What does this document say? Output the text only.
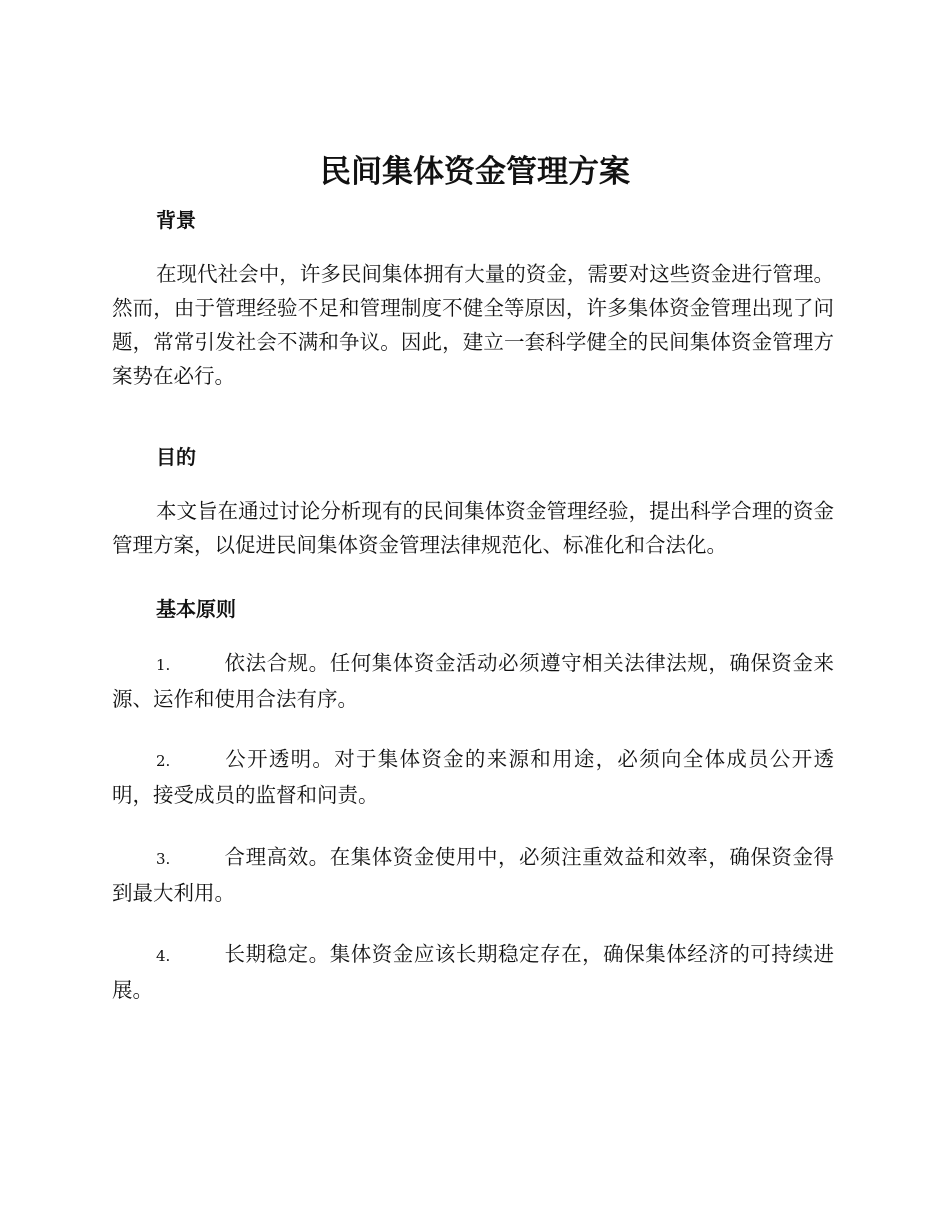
民间集体资金管理方案
背景

在现代社会中，许多民间集体拥有大量的资金，需要对这些资金进行管理。然而，由于管理经验不足和管理制度不健全等原因，许多集体资金管理出现了问题，常常引发社会不满和争议。因此，建立一套科学健全的民间集体资金管理方案势在必行。

目的

本文旨在通过讨论分析现有的民间集体资金管理经验，提出科学合理的资金管理方案，以促进民间集体资金管理法律规范化、标准化和合法化。

基本原则

1.	依法合规。任何集体资金活动必须遵守相关法律法规，确保资金来源、运作和使用合法有序。

2.	公开透明。对于集体资金的来源和用途，必须向全体成员公开透明，接受成员的监督和问责。

3.	合理高效。在集体资金使用中，必须注重效益和效率，确保资金得到最大利用。

4.	长期稳定。集体资金应该长期稳定存在，确保集体经济的可持续进展。
